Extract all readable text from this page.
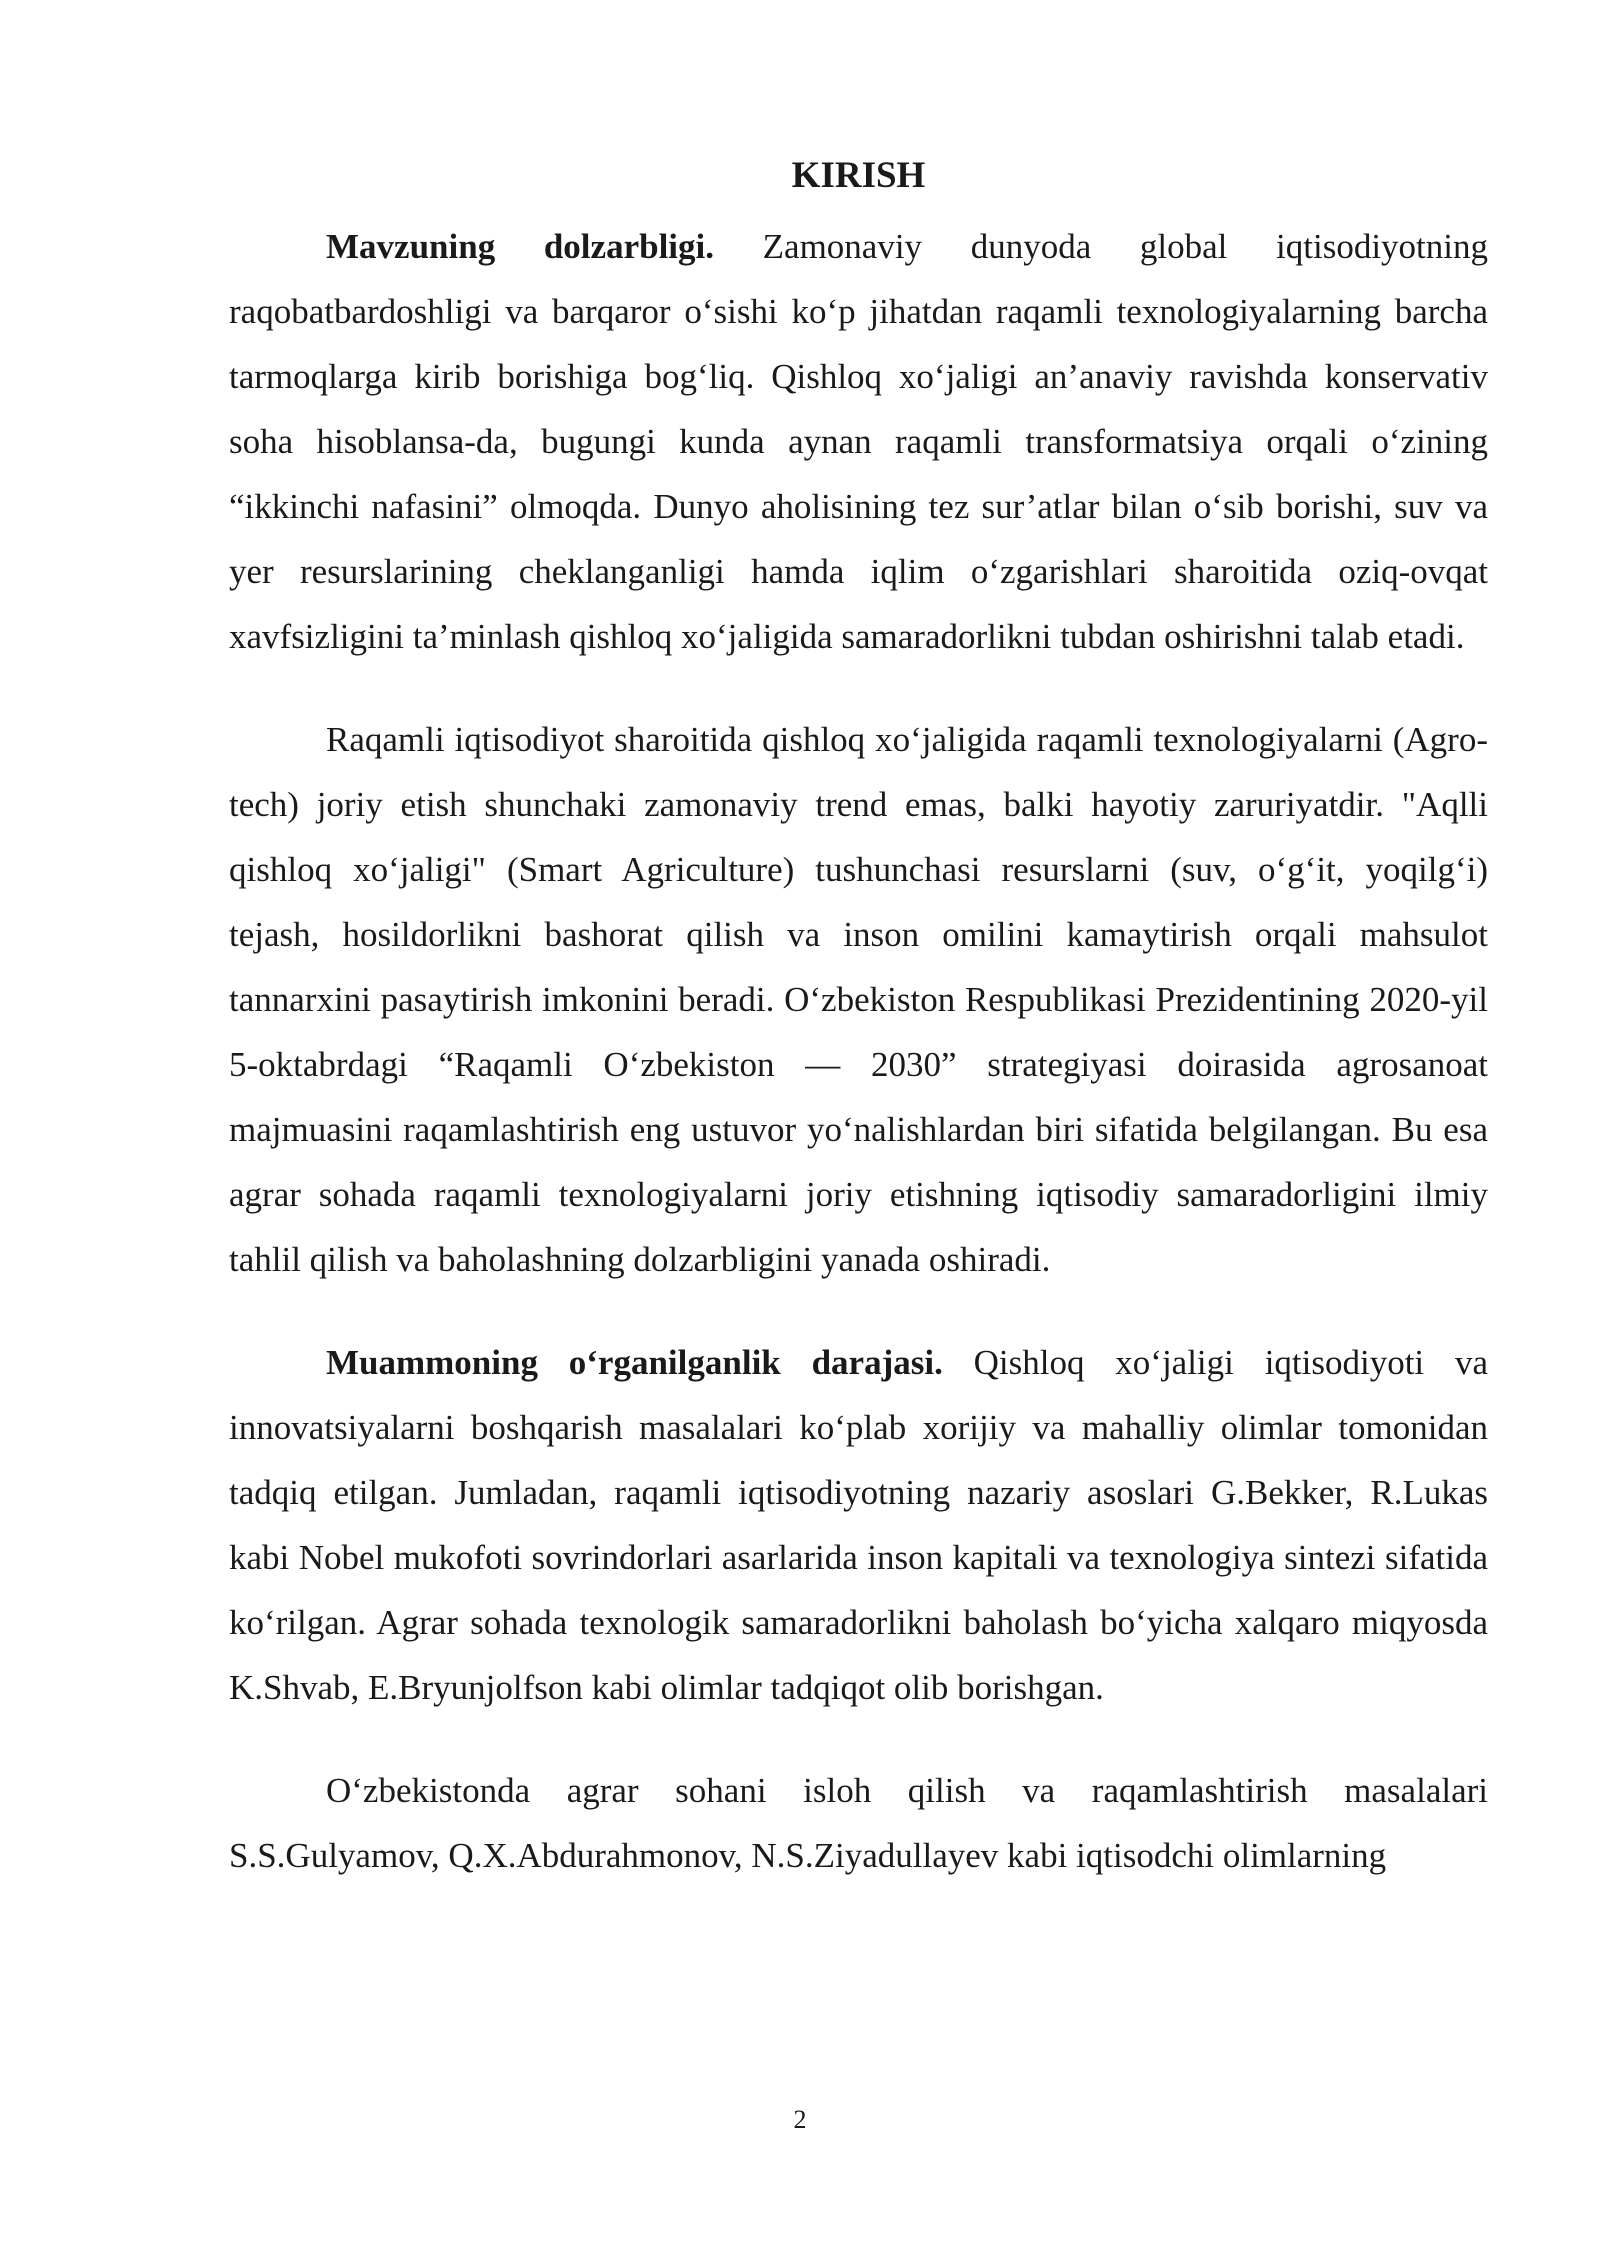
KIRISH

Mavzuning dolzarbligi. Zamonaviy dunyoda global iqtisodiyotning raqobatbardoshligi va barqaror o‘sishi ko‘p jihatdan raqamli texnologiyalarning barcha tarmoqlarga kirib borishiga bog‘liq. Qishloq xo‘jaligi an’anaviy ravishda konservativ soha hisoblansa-da, bugungi kunda aynan raqamli transformatsiya orqali o‘zining “ikkinchi nafasini” olmoqda. Dunyo aholisining tez sur’atlar bilan o‘sib borishi, suv va yer resurslarining cheklanganligi hamda iqlim o‘zgarishlari sharoitida oziq-ovqat xavfsizligini ta’minlash qishloq xo‘jaligida samaradorlikni tubdan oshirishni talab etadi.

Raqamli iqtisodiyot sharoitida qishloq xo‘jaligida raqamli texnologiyalarni (Agro-tech) joriy etish shunchaki zamonaviy trend emas, balki hayotiy zaruriyatdir. "Aqlli qishloq xo‘jaligi" (Smart Agriculture) tushunchasi resurslarni (suv, o‘g‘it, yoqilg‘i) tejash, hosildorlikni bashorat qilish va inson omilini kamaytirish orqali mahsulot tannarxini pasaytirish imkonini beradi. O‘zbekiston Respublikasi Prezidentining 2020-yil 5-oktabrdagi “Raqamli O‘zbekiston — 2030” strategiyasi doirasida agrosanoat majmuasini raqamlashtirish eng ustuvor yo‘nalishlardan biri sifatida belgilangan. Bu esa agrar sohada raqamli texnologiyalarni joriy etishning iqtisodiy samaradorligini ilmiy tahlil qilish va baholashning dolzarbligini yanada oshiradi.

Muammoning o‘rganilganlik darajasi. Qishloq xo‘jaligi iqtisodiyoti va innovatsiyalarni boshqarish masalalari ko‘plab xorijiy va mahalliy olimlar tomonidan tadqiq etilgan. Jumladan, raqamli iqtisodiyotning nazariy asoslari G.Bekker, R.Lukas kabi Nobel mukofoti sovrindorlari asarlarida inson kapitali va texnologiya sintezi sifatida ko‘rilgan. Agrar sohada texnologik samaradorlikni baholash bo‘yicha xalqaro miqyosda K.Shvab, E.Bryunjolfson kabi olimlar tadqiqot olib borishgan.

O‘zbekistonda agrar sohani isloh qilish va raqamlashtirish masalalari S.S.Gulyamov, Q.X.Abdurahmonov, N.S.Ziyadullayev kabi iqtisodchi olimlarning

2
